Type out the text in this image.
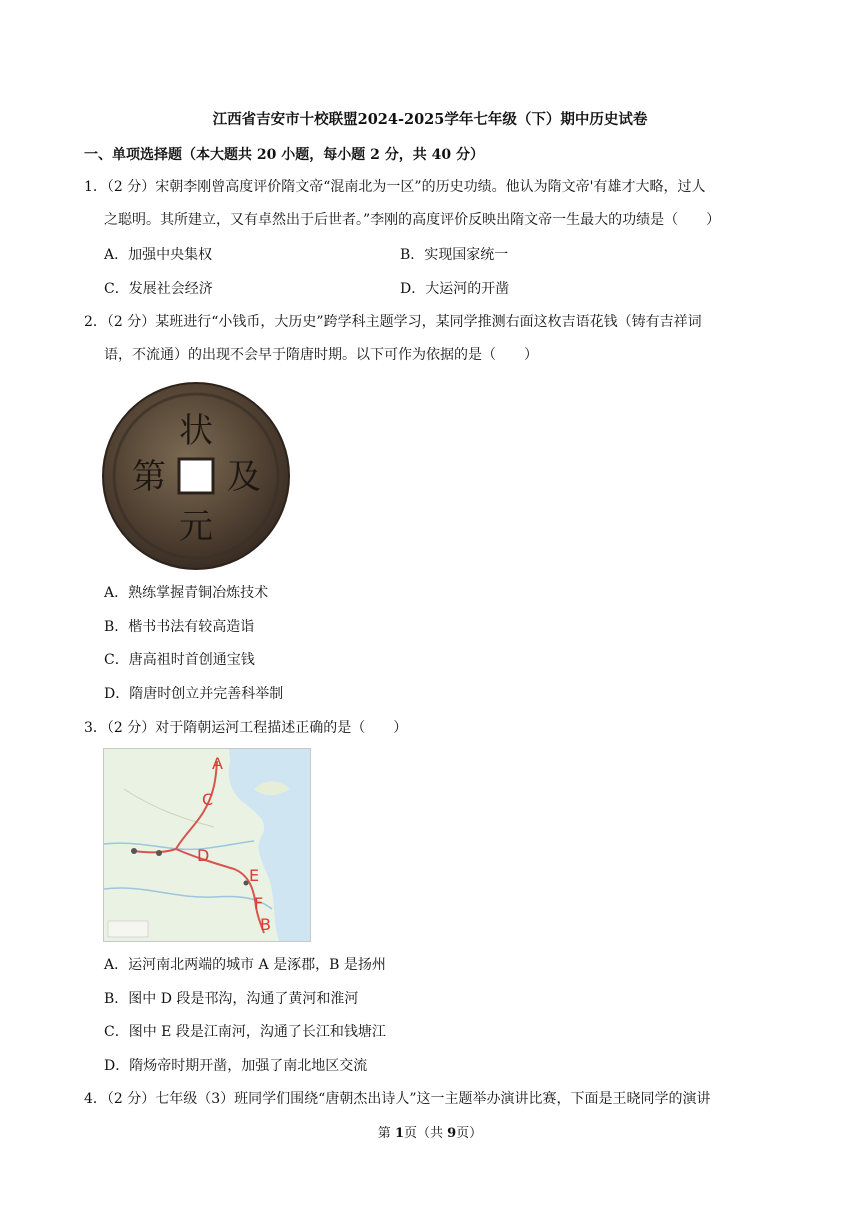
江西省吉安市十校联盟2024-2025学年七年级（下）期中历史试卷
一、单项选择题（本大题共 20 小题，每小题 2 分，共 40 分）
1．（2 分）宋朝李刚曾高度评价隋文帝“混南北为一区”的历史功绩。他认为隋文帝'有雄才大略，过人
之聪明。其所建立，又有卓然出于后世者。”李刚的高度评价反映出隋文帝一生最大的功绩是（　　）
A．加强中央集权	B．实现国家统一
C．发展社会经济	D．大运河的开凿
2．（2 分）某班进行“小钱币，大历史”跨学科主题学习，某同学推测右面这枚吉语花钱（铸有吉祥词
语，不流通）的出现不会早于隋唐时期。以下可作为依据的是（　　）
状
及
元
第
A．熟练掌握青铜冶炼技术
B．楷书书法有较高造诣
C．唐高祖时首创通宝钱
D．隋唐时创立并完善科举制
3．（2 分）对于隋朝运河工程描述正确的是（　　）
A
C
D
E
F
B
A．运河南北两端的城市 A 是涿郡，B 是扬州
B．图中 D 段是邗沟，沟通了黄河和淮河
C．图中 E 段是江南河，沟通了长江和钱塘江
D．隋炀帝时期开凿，加强了南北地区交流
4．（2 分）七年级（3）班同学们围绕“唐朝杰出诗人”这一主题举办演讲比赛，下面是王晓同学的演讲
第 1页（共 9页）
